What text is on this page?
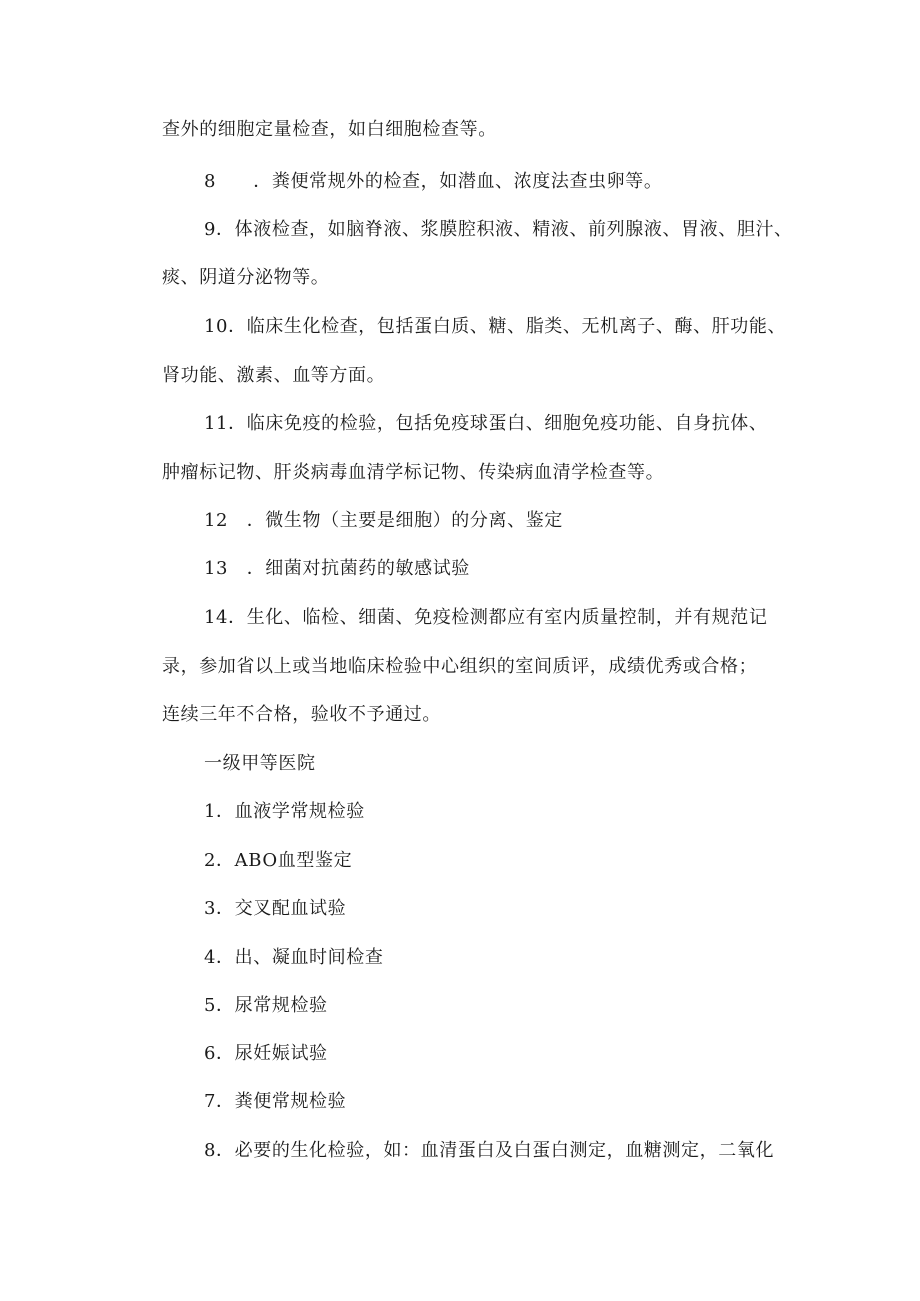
查外的细胞定量检查，如白细胞检查等。
8　　．粪便常规外的检查，如潜血、浓度法查虫卵等。
9．体液检查，如脑脊液、浆膜腔积液、精液、前列腺液、胃液、胆汁、
痰、阴道分泌物等。
10．临床生化检查，包括蛋白质、糖、脂类、无机离子、酶、肝功能、
肾功能、激素、血等方面。
11．临床免疫的检验，包括免疫球蛋白、细胞免疫功能、自身抗体、
肿瘤标记物、肝炎病毒血清学标记物、传染病血清学检查等。
12　．微生物（主要是细胞）的分离、鉴定
13　．细菌对抗菌药的敏感试验
14．生化、临检、细菌、免疫检测都应有室内质量控制，并有规范记
录，参加省以上或当地临床检验中心组织的室间质评，成绩优秀或合格；
连续三年不合格，验收不予通过。
一级甲等医院
1．血液学常规检验
2．ABO血型鉴定
3．交叉配血试验
4．出、凝血时间检查
5．尿常规检验
6．尿妊娠试验
7．粪便常规检验
8．必要的生化检验，如：血清蛋白及白蛋白测定，血糖测定，二氧化
